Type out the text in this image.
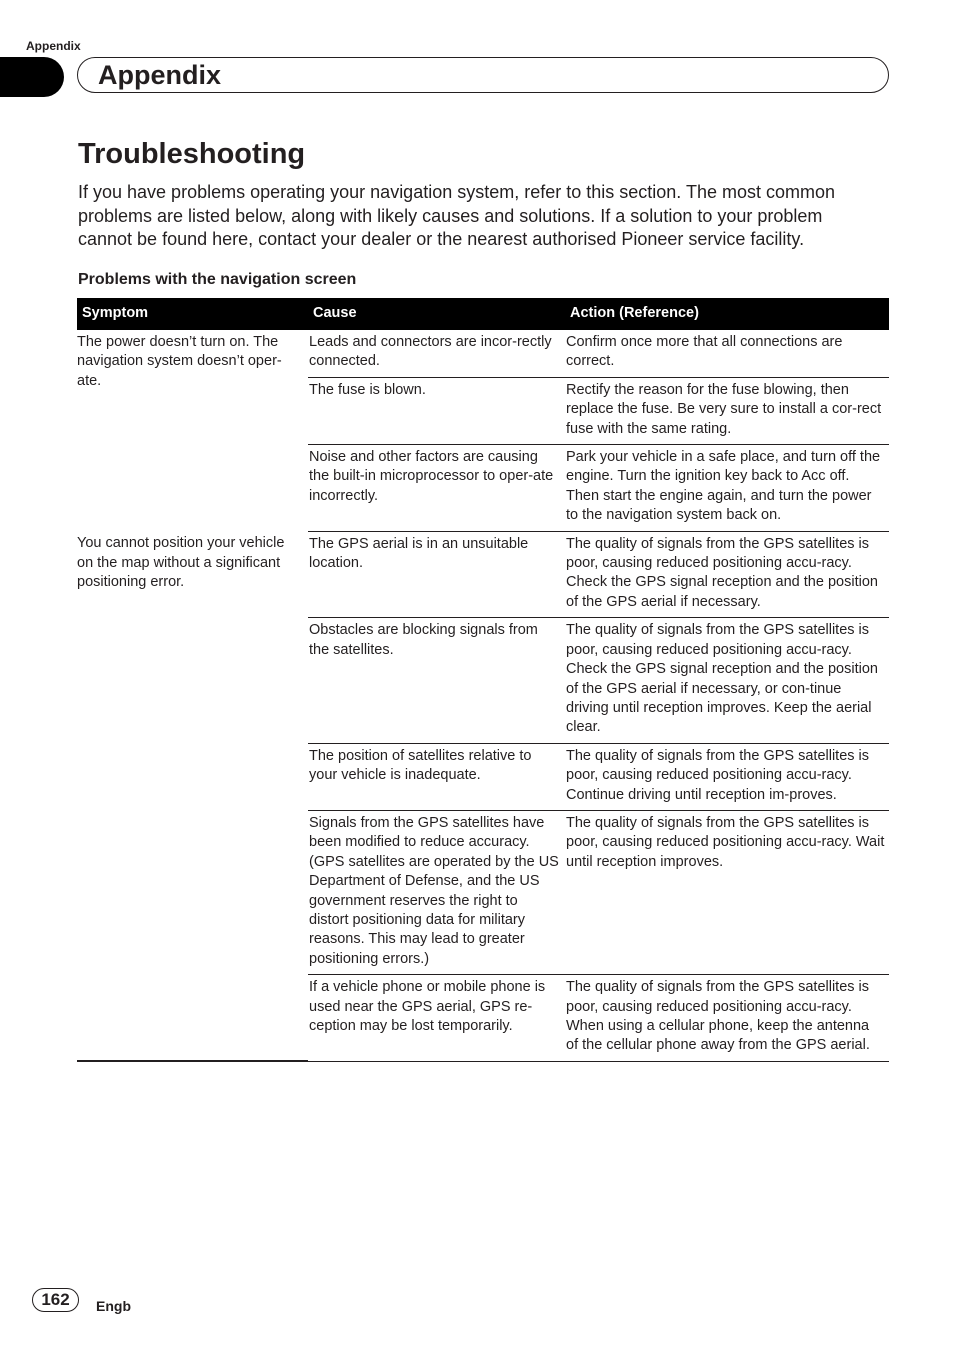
Appendix
Appendix
Troubleshooting

If you have problems operating your navigation system, refer to this section. The most common problems are listed below, along with likely causes and solutions. If a solution to your problem cannot be found here, contact your dealer or the nearest authorised Pioneer service facility.

Problems with the navigation screen
Symptom	Cause	Action (Reference)
The power doesn’t turn on. The navigation system doesn’t oper-ate.	Leads and connectors are incor-rectly connected.	Confirm once more that all connections are correct.
	The fuse is blown.	Rectify the reason for the fuse blowing, then replace the fuse. Be very sure to install a cor-rect fuse with the same rating.
	Noise and other factors are causing the built-in microprocessor to oper-ate incorrectly.	Park your vehicle in a safe place, and turn off the engine. Turn the ignition key back to Acc off. Then start the engine again, and turn the power to the navigation system back on.
You cannot position your vehicle on the map without a significant positioning error.	The GPS aerial is in an unsuitable location.	The quality of signals from the GPS satellites is poor, causing reduced positioning accu-racy. Check the GPS signal reception and the position of the GPS aerial if necessary.
	Obstacles are blocking signals from the satellites.	The quality of signals from the GPS satellites is poor, causing reduced positioning accu-racy. Check the GPS signal reception and the position of the GPS aerial if necessary, or con-tinue driving until reception improves. Keep the aerial clear.
	The position of satellites relative to your vehicle is inadequate.	The quality of signals from the GPS satellites is poor, causing reduced positioning accu-racy. Continue driving until reception im-proves.
	Signals from the GPS satellites have been modified to reduce accuracy. (GPS satellites are operated by the US Department of Defense, and the US government reserves the right to distort positioning data for military reasons. This may lead to greater positioning errors.)	The quality of signals from the GPS satellites is poor, causing reduced positioning accu-racy. Wait until reception improves.
	If a vehicle phone or mobile phone is used near the GPS aerial, GPS re-ception may be lost temporarily.	The quality of signals from the GPS satellites is poor, causing reduced positioning accu-racy. When using a cellular phone, keep the antenna of the cellular phone away from the GPS aerial.
162	Engb
